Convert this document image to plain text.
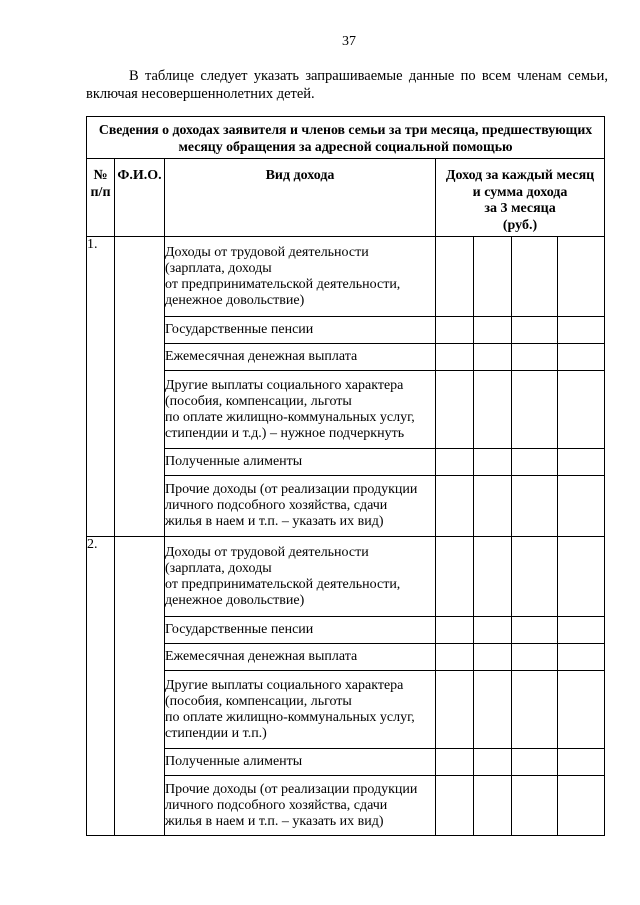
37
В таблице следует указать запрашиваемые данные по всем членам семьи,
включая несовершеннолетних детей.
Сведения о доходах заявителя и членов семьи за три месяца, предшествующих
месяцу обращения за адресной социальной помощью						
№
п/п	Ф.И.О.	Вид дохода	Доход за каждый месяц
и сумма дохода
за 3 месяца
(руб.)			
1.		Доходы от трудовой деятельности
(зарплата, доходы
от предпринимательской деятельности,
денежное довольствие)				
		Государственные пенсии				
		Ежемесячная денежная выплата				
		Другие выплаты социального характера
(пособия, компенсации, льготы
по оплате жилищно-коммунальных услуг,
стипендии и т.д.) – нужное подчеркнуть				
		Полученные алименты				
		Прочие доходы (от реализации продукции
личного подсобного хозяйства, сдачи
жилья в наем и т.п. – указать их вид)				
2.		Доходы от трудовой деятельности
(зарплата, доходы
от предпринимательской деятельности,
денежное довольствие)				
		Государственные пенсии				
		Ежемесячная денежная выплата				
		Другие выплаты социального характера
(пособия, компенсации, льготы
по оплате жилищно-коммунальных услуг,
стипендии и т.п.)				
		Полученные алименты				
		Прочие доходы (от реализации продукции
личного подсобного хозяйства, сдачи
жилья в наем и т.п. – указать их вид)				
